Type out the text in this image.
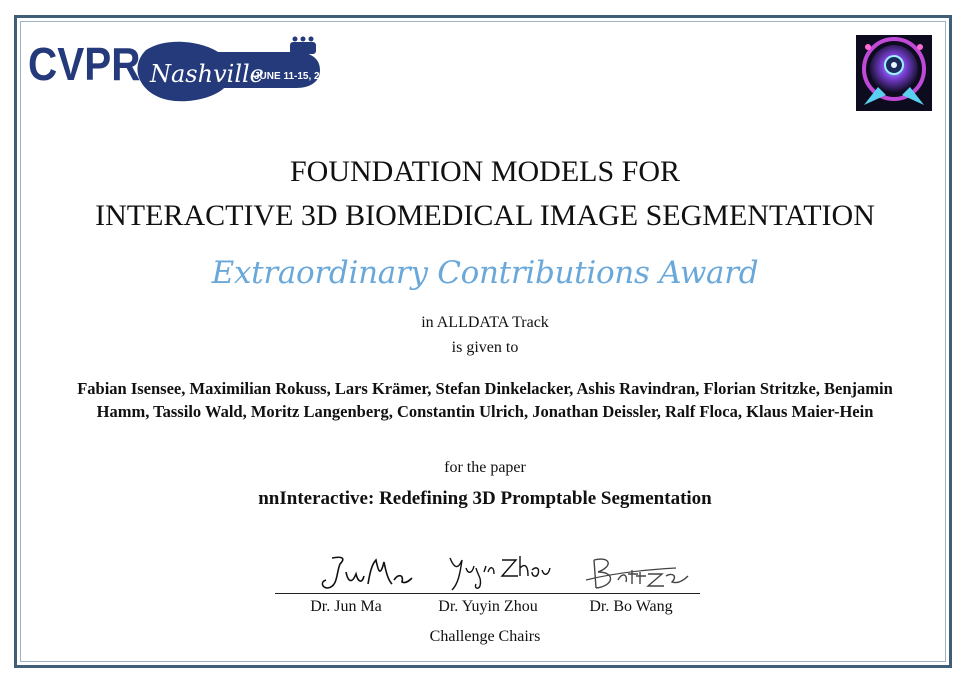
CVPR Nashville
JUNE 11-15, 2025
FOUNDATION MODELS FOR
INTERACTIVE 3D BIOMEDICAL IMAGE SEGMENTATION
Extraordinary Contributions Award
in ALLDATA Track
is given to
Fabian Isensee, Maximilian Rokuss, Lars Krämer, Stefan Dinkelacker, Ashis Ravindran, Florian Stritzke, Benjamin Hamm, Tassilo Wald, Moritz Langenberg, Constantin Ulrich, Jonathan Deissler, Ralf Floca, Klaus Maier-Hein
for the paper
nnInteractive: Redefining 3D Promptable Segmentation
Dr. Jun Ma	Dr. Yuyin Zhou	Dr. Bo Wang
Challenge Chairs
